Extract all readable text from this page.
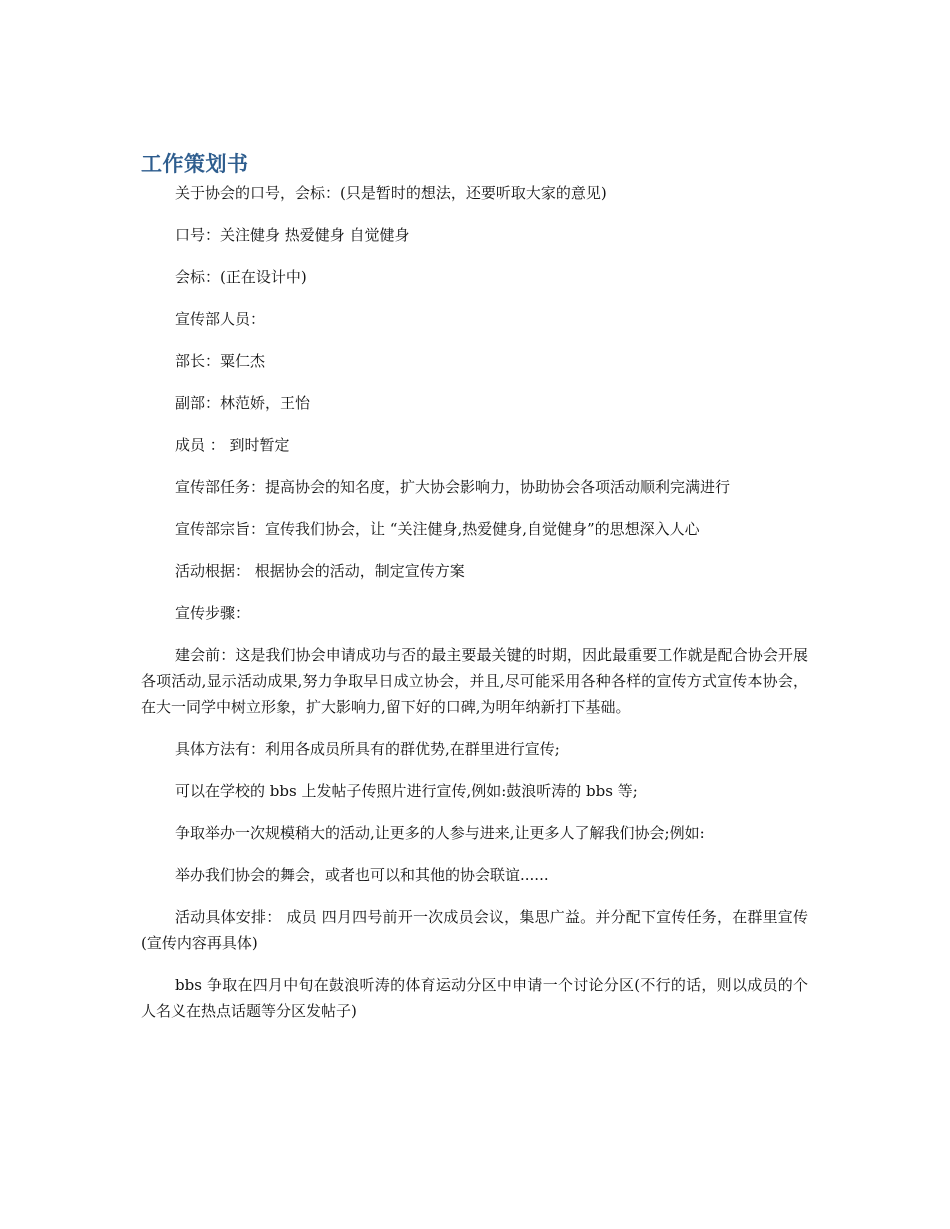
工作策划书

关于协会的口号，会标：(只是暂时的想法，还要听取大家的意见)

口号：关注健身 热爱健身 自觉健身

会标：(正在设计中)

宣传部人员：

部长：粟仁杰

副部：林范娇，王怡

成员 ： 到时暂定

宣传部任务：提高协会的知名度，扩大协会影响力，协助协会各项活动顺利完满进行

宣传部宗旨：宣传我们协会，让 “关注健身,热爱健身,自觉健身”的思想深入人心

活动根据： 根据协会的活动，制定宣传方案

宣传步骤：

建会前：这是我们协会申请成功与否的最主要最关键的时期，因此最重要工作就是配合协会开展各项活动,显示活动成果,努力争取早日成立协会，并且,尽可能采用各种各样的宣传方式宣传本协会，在大一同学中树立形象，扩大影响力,留下好的口碑,为明年纳新打下基础。

具体方法有：利用各成员所具有的群优势,在群里进行宣传;

可以在学校的 bbs 上发帖子传照片进行宣传,例如:鼓浪听涛的 bbs 等;

争取举办一次规模稍大的活动,让更多的人参与进来,让更多人了解我们协会;例如:

举办我们协会的舞会，或者也可以和其他的协会联谊......

活动具体安排： 成员 四月四号前开一次成员会议，集思广益。并分配下宣传任务，在群里宣传(宣传内容再具体)

bbs 争取在四月中旬在鼓浪听涛的体育运动分区中申请一个讨论分区(不行的话，则以成员的个人名义在热点话题等分区发帖子)
